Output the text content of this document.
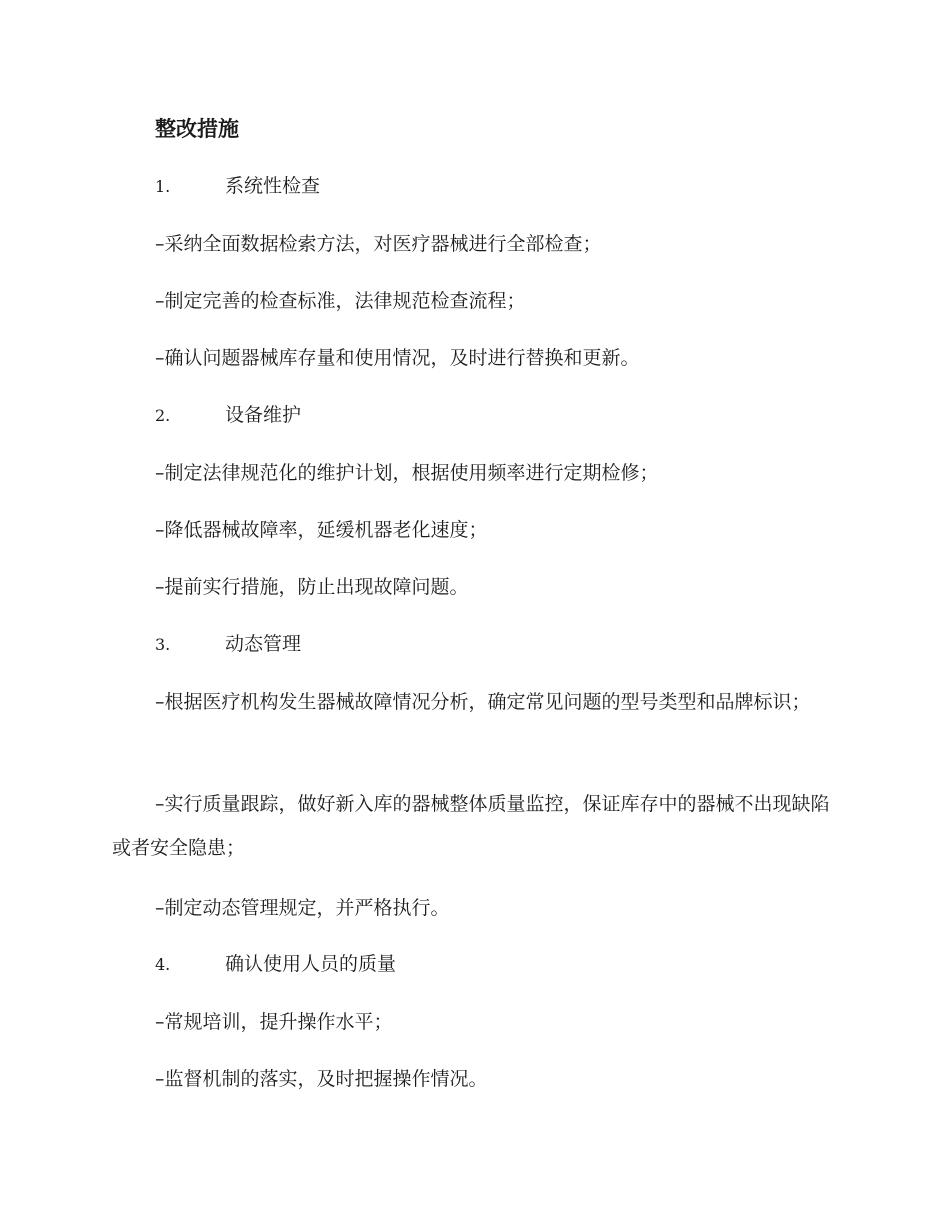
整改措施
1.	系统性检查
–采纳全面数据检索方法，对医疗器械进行全部检查；
–制定完善的检查标准，法律规范检查流程；
–确认问题器械库存量和使用情况，及时进行替换和更新。
2.	设备维护
–制定法律规范化的维护计划，根据使用频率进行定期检修；
–降低器械故障率，延缓机器老化速度；
–提前实行措施，防止出现故障问题。
3.	动态管理
–根据医疗机构发生器械故障情况分析，确定常见问题的型号类型和品牌标识；
–实行质量跟踪，做好新入库的器械整体质量监控，保证库存中的器械不出现缺陷或者安全隐患；
–制定动态管理规定，并严格执行。
4.	确认使用人员的质量
–常规培训，提升操作水平；
–监督机制的落实，及时把握操作情况。
